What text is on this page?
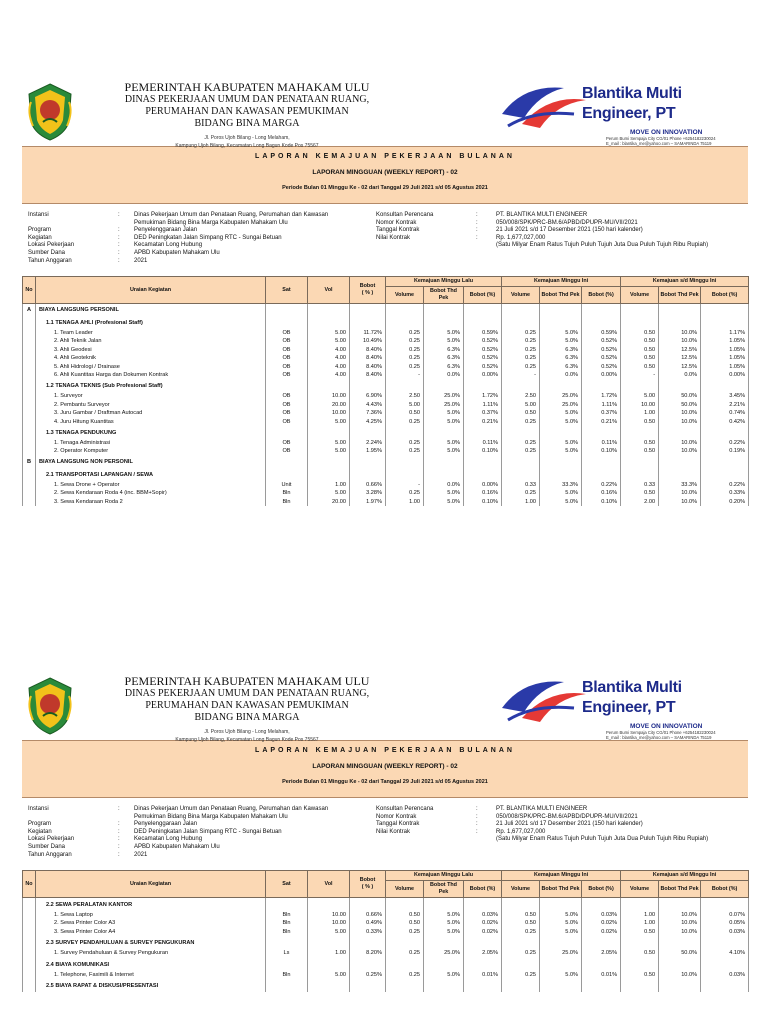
PEMERINTAH KABUPATEN MAHAKAM ULU
DINAS PEKERJAAN UMUM DAN PENATAAN RUANG,
PERUMAHAN DAN KAWASAN PEMUKIMAN
BIDANG BINA MARGA
Jl. Poros Ujoh Bilang - Long Melaham,
Kampung Ujoh Bilang, Kecamatan Long Bagun Kode Pos 75567
Blantika Multi Engineer, PT
MOVE ON INNOVATION
Perum Bumi Sempaja City CG/01 Phone +6254182230024
E_mail : blantika_me@yahoo.com – SAMARINDA 75119
LAPORAN KEMAJUAN PEKERJAAN BULANAN
LAPORAN MINGGUAN (WEEKLY REPORT) - 02
Periode Bulan 01 Minggu Ke - 02 dari Tanggal 29 Juli 2021 s/d 05 Agustus 2021
Instansi	:	Dinas Pekerjaan Umum dan Penataan Ruang, Perumahan dan Kawasan
Pemukiman Bidang Bina Marga Kabupaten Mahakam Ulu
Program	:	Penyelenggaraan Jalan
Kegiatan	:	DED Peningkatan Jalan Simpang RTC - Sungai Betuan
Lokasi Pekerjaan	:	Kecamatan Long Hubung
Sumber Dana	:	APBD Kabupaten Mahakam Ulu
Tahun Anggaran	:	2021
Konsultan Perencana	:	PT. BLANTIKA MULTI ENGINEER
Nomor Kontrak	:	050/008/SPK/PRC-BM.6/APBD/DPUPR-MU/VII/2021
Tanggal Kontrak	:	21 Juli 2021 s/d 17 Desember 2021 (150 hari kalender)
Nilai Kontrak	:	Rp. 1,677,027,000
(Satu Milyar Enam Ratus Tujuh Puluh Tujuh Juta Dua Puluh Tujuh Ribu Rupiah)
No	Uraian Kegiatan	Sat	Vol	Bobot
( % )	Kemajuan Minggu Lalu			Kemajuan Minggu Ini			Kemajuan s/d Minggu Ini		
					Volume	Bobot Thd Pek	Bobot (%)	Volume	Bobot Thd Pek	Bobot (%)	Volume	Bobot Thd Pek	Bobot (%)
A	BIAYA LANGSUNG PERSONIL												
	1.1 TENAGA AHLI (Profesional Staff)												
	1. Team Leader	OB	5.00	11.72%	0.25	5.0%	0.59%	0.25	5.0%	0.59%	0.50	10.0%	1.17%
	2. Ahli Teknik Jalan	OB	5.00	10.49%	0.25	5.0%	0.52%	0.25	5.0%	0.52%	0.50	10.0%	1.05%
	3. Ahli Geodesi	OB	4.00	8.40%	0.25	6.3%	0.52%	0.25	6.3%	0.52%	0.50	12.5%	1.05%
	4. Ahli Geoteknik	OB	4.00	8.40%	0.25	6.3%	0.52%	0.25	6.3%	0.52%	0.50	12.5%	1.05%
	5. Ahli Hidrologi / Drainase	OB	4.00	8.40%	0.25	6.3%	0.52%	0.25	6.3%	0.52%	0.50	12.5%	1.05%
	6. Ahli Kuantitas Harga dan Dokumen Kontrak	OB	4.00	8.40%	-	0.0%	0.00%	-	0.0%	0.00%	-	0.0%	0.00%
	1.2 TENAGA TEKNIS (Sub Profesional Staff)												
	1. Surveyor	OB	10.00	6.90%	2.50	25.0%	1.72%	2.50	25.0%	1.72%	5.00	50.0%	3.45%
	2. Pembantu Surveyor	OB	20.00	4.43%	5.00	25.0%	1.11%	5.00	25.0%	1.11%	10.00	50.0%	2.21%
	3. Juru Gambar / Draftman Autocad	OB	10.00	7.36%	0.50	5.0%	0.37%	0.50	5.0%	0.37%	1.00	10.0%	0.74%
	4. Juru Hitung Kuantitas	OB	5.00	4.25%	0.25	5.0%	0.21%	0.25	5.0%	0.21%	0.50	10.0%	0.42%
	1.3 TENAGA PENDUKUNG												
	1. Tenaga Administrasi	OB	5.00	2.24%	0.25	5.0%	0.11%	0.25	5.0%	0.11%	0.50	10.0%	0.22%
	2. Operator Komputer	OB	5.00	1.95%	0.25	5.0%	0.10%	0.25	5.0%	0.10%	0.50	10.0%	0.19%
B	BIAYA LANGSUNG NON PERSONIL												
	2.1 TRANSPORTASI LAPANGAN / SEWA												
	1. Sewa Drone + Operator	Unit	1.00	0.66%	-	0.0%	0.00%	0.33	33.3%	0.22%	0.33	33.3%	0.22%
	2. Sewa Kendaraan Roda 4 (inc. BBM+Sopir)	Bln	5.00	3.28%	0.25	5.0%	0.16%	0.25	5.0%	0.16%	0.50	10.0%	0.33%
	3. Sewa Kendaraan Roda 2	Bln	20.00	1.97%	1.00	5.0%	0.10%	1.00	5.0%	0.10%	2.00	10.0%	0.20%
PEMERINTAH KABUPATEN MAHAKAM ULU
DINAS PEKERJAAN UMUM DAN PENATAAN RUANG,
PERUMAHAN DAN KAWASAN PEMUKIMAN
BIDANG BINA MARGA
Jl. Poros Ujoh Bilang - Long Melaham,
Kampung Ujoh Bilang, Kecamatan Long Bagun Kode Pos 75567
Blantika Multi Engineer, PT
MOVE ON INNOVATION
Perum Bumi Sempaja City CG/01 Phone +6254182230024
E_mail : blantika_me@yahoo.com – SAMARINDA 75119
LAPORAN KEMAJUAN PEKERJAAN BULANAN
LAPORAN MINGGUAN (WEEKLY REPORT) - 02
Periode Bulan 01 Minggu Ke - 02 dari Tanggal 29 Juli 2021 s/d 05 Agustus 2021
Instansi	:	Dinas Pekerjaan Umum dan Penataan Ruang, Perumahan dan Kawasan
Pemukiman Bidang Bina Marga Kabupaten Mahakam Ulu
Program	:	Penyelenggaraan Jalan
Kegiatan	:	DED Peningkatan Jalan Simpang RTC - Sungai Betuan
Lokasi Pekerjaan	:	Kecamatan Long Hubung
Sumber Dana	:	APBD Kabupaten Mahakam Ulu
Tahun Anggaran	:	2021
Konsultan Perencana	:	PT. BLANTIKA MULTI ENGINEER
Nomor Kontrak	:	050/008/SPK/PRC-BM.6/APBD/DPUPR-MU/VII/2021
Tanggal Kontrak	:	21 Juli 2021 s/d 17 Desember 2021 (150 hari kalender)
Nilai Kontrak	:	Rp. 1,677,027,000
(Satu Milyar Enam Ratus Tujuh Puluh Tujuh Juta Dua Puluh Tujuh Ribu Rupiah)
No	Uraian Kegiatan	Sat	Vol	Bobot
( % )	Kemajuan Minggu Lalu			Kemajuan Minggu Ini			Kemajuan s/d Minggu Ini		
					Volume	Bobot Thd Pek	Bobot (%)	Volume	Bobot Thd Pek	Bobot (%)	Volume	Bobot Thd Pek	Bobot (%)
	2.2 SEWA PERALATAN KANTOR												
	1. Sewa Laptop	Bln	10.00	0.66%	0.50	5.0%	0.03%	0.50	5.0%	0.03%	1.00	10.0%	0.07%
	2. Sewa Printer Color A3	Bln	10.00	0.49%	0.50	5.0%	0.02%	0.50	5.0%	0.02%	1.00	10.0%	0.05%
	3. Sewa Printer Color A4	Bln	5.00	0.33%	0.25	5.0%	0.02%	0.25	5.0%	0.02%	0.50	10.0%	0.03%
	2.3 SURVEY PENDAHULUAN & SURVEY PENGUKURAN												
	1. Survey Pendahuluan & Survey Pengukuran	Ls	1.00	8.20%	0.25	25.0%	2.05%	0.25	25.0%	2.05%	0.50	50.0%	4.10%
	2.4 BIAYA KOMUNIKASI												
	1. Telephone, Faximili & Internet	Bln	5.00	0.25%	0.25	5.0%	0.01%	0.25	5.0%	0.01%	0.50	10.0%	0.03%
	2.5 BIAYA RAPAT & DISKUSI/PRESENTASI												
